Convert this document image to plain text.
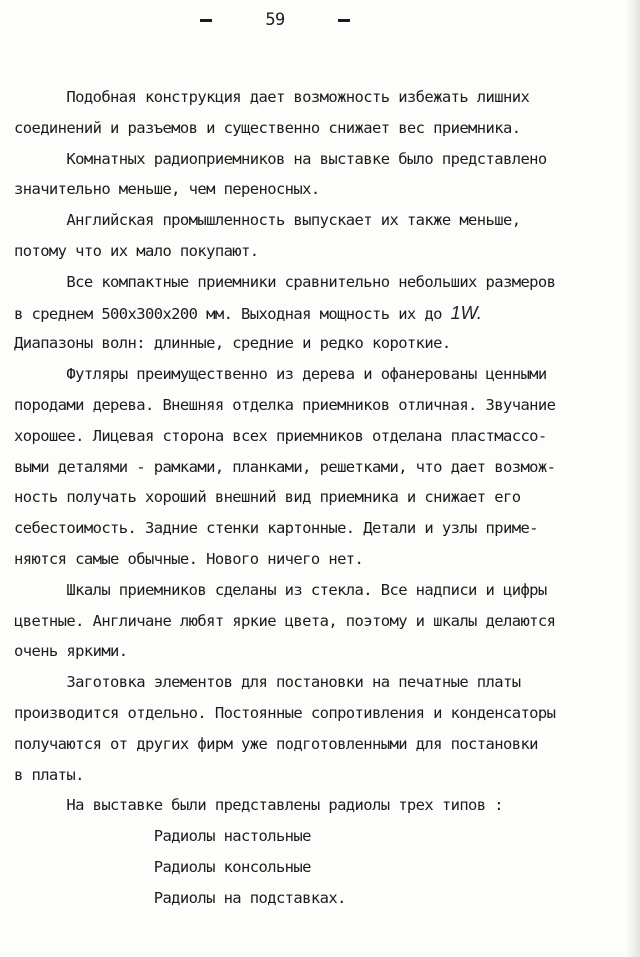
59
Подобная конструкция дает возможность избежать лишних
соединений и разъемов и существенно снижает вес приемника.
Комнатных радиоприемников на выставке было представлено
значительно меньше, чем переносных.
Английская промышленность выпускает их также меньше,
потому что их мало покупают.
Все компактные приемники сравнительно небольших размеров
в среднем 500х300х200 мм. Выходная мощность их до 1W.
Диапазоны волн: длинные, средние и редко короткие.
Футляры преимущественно из дерева и офанерованы ценными
породами дерева. Внешняя отделка приемников отличная. Звучание
хорошее. Лицевая сторона всех приемников отделана пластмассо-
выми деталями - рамками, планками, решетками, что дает возмож-
ность получать хороший внешний вид приемника и снижает его
себестоимость. Задние стенки картонные. Детали и узлы приме-
няются самые обычные. Нового ничего нет.
Шкалы приемников сделаны из стекла. Все надписи и цифры
цветные. Англичане любят яркие цвета, поэтому и шкалы делаются
очень яркими.
Заготовка элементов для постановки на печатные платы
производится отдельно. Постоянные сопротивления и конденсаторы
получаются от других фирм уже подготовленными для постановки
в платы.
На выставке были представлены радиолы трех типов :
Радиолы настольные
Радиолы консольные
Радиолы на подставках.
